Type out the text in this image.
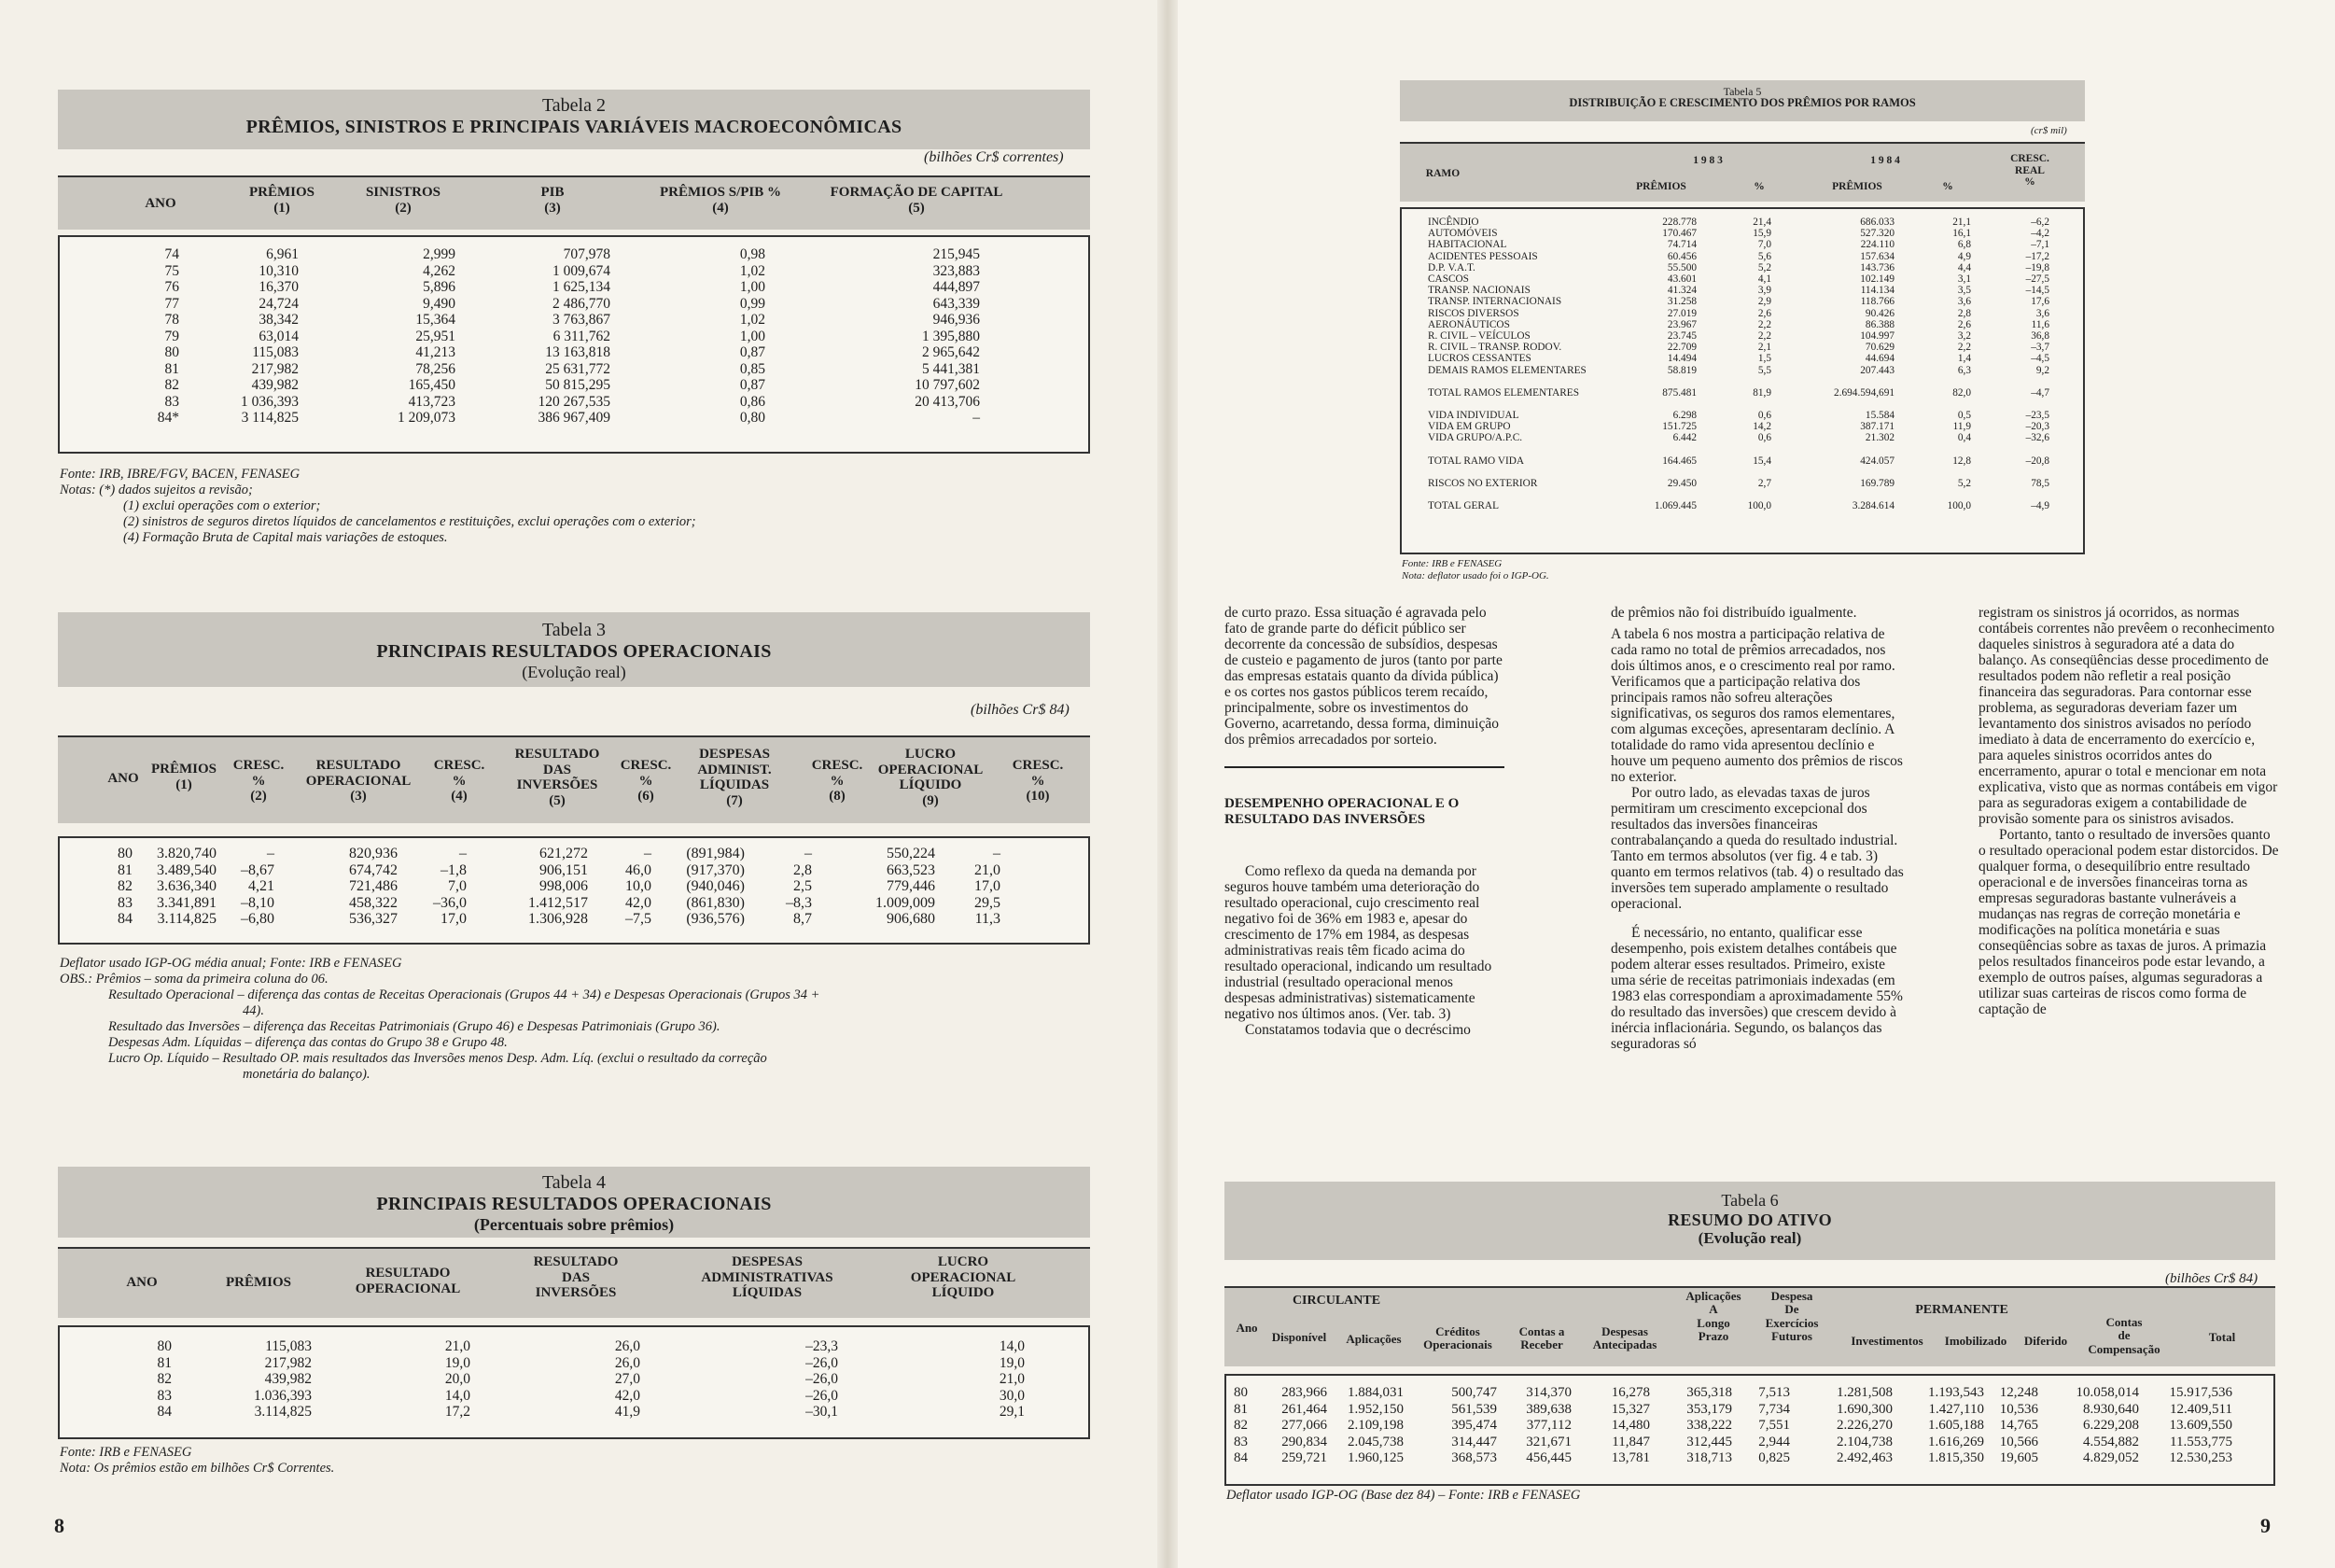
Tabela 2
PRÊMIOS, SINISTROS E PRINCIPAIS VARIÁVEIS MACROECONÔMICAS
(bilhões Cr$ correntes)
ANO
PRÊMIOS
(1)
SINISTROS
(2)
PIB
(3)
PRÊMIOS S/PIB %
(4)
FORMAÇÃO DE CAPITAL
(5)
74	6,961	2,999	707,978	0,98	215,945
75	10,310	4,262	1 009,674	1,02	323,883
76	16,370	5,896	1 625,134	1,00	444,897
77	24,724	9,490	2 486,770	0,99	643,339
78	38,342	15,364	3 763,867	1,02	946,936
79	63,014	25,951	6 311,762	1,00	1 395,880
80	115,083	41,213	13 163,818	0,87	2 965,642
81	217,982	78,256	25 631,772	0,85	5 441,381
82	439,982	165,450	50 815,295	0,87	10 797,602
83	1 036,393	413,723	120 267,535	0,86	20 413,706
84*	3 114,825	1 209,073	386 967,409	0,80	–
Fonte: IRB, IBRE/FGV, BACEN, FENASEG
Notas: (*) dados sujeitos a revisão;
(1) exclui operações com o exterior;
(2) sinistros de seguros diretos líquidos de cancelamentos e restituições, exclui operações com o exterior;
(4) Formação Bruta de Capital mais variações de estoques.
Tabela 3
PRINCIPAIS RESULTADOS OPERACIONAIS
(Evolução real)
(bilhões Cr$ 84)
ANO
PRÊMIOS
(1)
CRESC.
%
(2)
RESULTADO
OPERACIONAL
(3)
CRESC.
%
(4)
RESULTADO
DAS
INVERSÕES
(5)
CRESC.
%
(6)
DESPESAS
ADMINIST.
LÍQUIDAS
(7)
CRESC.
%
(8)
LUCRO
OPERACIONAL
LÍQUIDO
(9)
CRESC.
%
(10)
80	3.820,740	–	820,936	–	621,272	–	(891,984)	–	550,224	–
81	3.489,540	–8,67	674,742	–1,8	906,151	46,0	(917,370)	2,8	663,523	21,0
82	3.636,340	4,21	721,486	7,0	998,006	10,0	(940,046)	2,5	779,446	17,0
83	3.341,891	–8,10	458,322	–36,0	1.412,517	42,0	(861,830)	–8,3	1.009,009	29,5
84	3.114,825	–6,80	536,327	17,0	1.306,928	–7,5	(936,576)	8,7	906,680	11,3
Deflator usado IGP-OG média anual; Fonte: IRB e FENASEG
OBS.: Prêmios – soma da primeira coluna do 06.
Resultado Operacional – diferença das contas de Receitas Operacionais (Grupos 44 + 34) e Despesas Operacionais (Grupos 34 +
44).
Resultado das Inversões – diferença das Receitas Patrimoniais (Grupo 46) e Despesas Patrimoniais (Grupo 36).
Despesas Adm. Líquidas – diferença das contas do Grupo 38 e Grupo 48.
Lucro Op. Líquido – Resultado OP. mais resultados das Inversões menos Desp. Adm. Líq. (exclui o resultado da correção
monetária do balanço).
Tabela 4
PRINCIPAIS RESULTADOS OPERACIONAIS
(Percentuais sobre prêmios)
ANO	PRÊMIOS
RESULTADO
OPERACIONAL
RESULTADO
DAS
INVERSÕES
DESPESAS
ADMINISTRATIVAS
LÍQUIDAS
LUCRO
OPERACIONAL
LÍQUIDO
80	115,083	21,0	26,0	–23,3	14,0
81	217,982	19,0	26,0	–26,0	19,0
82	439,982	20,0	27,0	–26,0	21,0
83	1.036,393	14,0	42,0	–26,0	30,0
84	3.114,825	17,2	41,9	–30,1	29,1
Fonte: IRB e FENASEG
Nota: Os prêmios estão em bilhões Cr$ Correntes.
8
Tabela 5
DISTRIBUIÇÃO E CRESCIMENTO DOS PRÊMIOS POR RAMOS
(cr$ mil)
RAMO
1 9 8 3	1 9 8 4
PRÊMIOS	%	PRÊMIOS	%
CRESC.
REAL
%
INCÊNDIO	228.778	21,4	686.033	21,1	–6,2
AUTOMÓVEIS	170.467	15,9	527.320	16,1	–4,2
HABITACIONAL	74.714	7,0	224.110	6,8	–7,1
ACIDENTES PESSOAIS	60.456	5,6	157.634	4,9	–17,2
D.P. V.A.T.	55.500	5,2	143.736	4,4	–19,8
CASCOS	43.601	4,1	102.149	3,1	–27,5
TRANSP. NACIONAIS	41.324	3,9	114.134	3,5	–14,5
TRANSP. INTERNACIONAIS	31.258	2,9	118.766	3,6	17,6
RISCOS DIVERSOS	27.019	2,6	90.426	2,8	3,6
AERONÁUTICOS	23.967	2,2	86.388	2,6	11,6
R. CIVIL – VEÍCULOS	23.745	2,2	104.997	3,2	36,8
R. CIVIL – TRANSP. RODOV.	22.709	2,1	70.629	2,2	–3,7
LUCROS CESSANTES	14.494	1,5	44.694	1,4	–4,5
DEMAIS RAMOS ELEMENTARES	58.819	5,5	207.443	6,3	9,2

TOTAL RAMOS ELEMENTARES	875.481	81,9	2.694.594,691	82,0	–4,7

VIDA INDIVIDUAL	6.298	0,6	15.584	0,5	–23,5
VIDA EM GRUPO	151.725	14,2	387.171	11,9	–20,3
VIDA GRUPO/A.P.C.	6.442	0,6	21.302	0,4	–32,6

TOTAL RAMO VIDA	164.465	15,4	424.057	12,8	–20,8

RISCOS NO EXTERIOR	29.450	2,7	169.789	5,2	78,5

TOTAL GERAL	1.069.445	100,0	3.284.614	100,0	–4,9
Fonte: IRB e FENASEG
Nota: deflator usado foi o IGP-OG.

de curto prazo. Essa situação é agravada pelo fato de grande parte do déficit público ser decorrente da concessão de subsídios, despesas de custeio e pagamento de juros (tanto por parte das empresas estatais quanto da dívida pública) e os cortes nos gastos públicos terem recaído, principalmente, sobre os investimentos do Governo, acarretando, dessa forma, diminuição dos prêmios arrecadados por sorteio.

DESEMPENHO OPERACIONAL E O RESULTADO DAS INVERSÕES

Como reflexo da queda na demanda por seguros houve também uma deterioração do resultado operacional, cujo crescimento real negativo foi de 36% em 1983 e, apesar do crescimento de 17% em 1984, as despesas administrativas reais têm ficado acima do resultado operacional, indicando um resultado industrial (resultado operacional menos despesas administrativas) sistematicamente negativo nos últimos anos. (Ver. tab. 3)

Constatamos todavia que o decréscimo

de prêmios não foi distribuído igualmente.

A tabela 6 nos mostra a participação relativa de cada ramo no total de prêmios arrecadados, nos dois últimos anos, e o crescimento real por ramo. Verificamos que a participação relativa dos principais ramos não sofreu alterações significativas, os seguros dos ramos elementares, com algumas exceções, apresentaram declínio. A totalidade do ramo vida apresentou declínio e houve um pequeno aumento dos prêmios de riscos no exterior.

Por outro lado, as elevadas taxas de juros permitiram um crescimento excepcional dos resultados das inversões financeiras contrabalançando a queda do resultado industrial. Tanto em termos absolutos (ver fig. 4 e tab. 3) quanto em termos relativos (tab. 4) o resultado das inversões tem superado amplamente o resultado operacional.

É necessário, no entanto, qualificar esse desempenho, pois existem detalhes contábeis que podem alterar esses resultados. Primeiro, existe uma série de receitas patrimoniais indexadas (em 1983 elas correspondiam a aproximadamente 55% do resultado das inversões) que crescem devido à inércia inflacionária. Segundo, os balanços das seguradoras só

registram os sinistros já ocorridos, as normas contábeis correntes não prevêem o reconhecimento daqueles sinistros à seguradora até a data do balanço. As conseqüências desse procedimento de resultados podem não refletir a real posição financeira das seguradoras. Para contornar esse problema, as seguradoras deveriam fazer um levantamento dos sinistros avisados no período imediato à data de encerramento do exercício e, para aqueles sinistros ocorridos antes do encerramento, apurar o total e mencionar em nota explicativa, visto que as normas contábeis em vigor para as seguradoras exigem a contabilidade de provisão somente para os sinistros avisados.

Portanto, tanto o resultado de inversões quanto o resultado operacional podem estar distorcidos. De qualquer forma, o desequilíbrio entre resultado operacional e de inversões financeiras torna as empresas seguradoras bastante vulneráveis a mudanças nas regras de correção monetária e modificações na política monetária e suas conseqüências sobre as taxas de juros. A primazia pelos resultados financeiros pode estar levando, a exemplo de outros países, algumas seguradoras a utilizar suas carteiras de riscos como forma de captação de

Tabela 6
RESUMO DO ATIVO
(Evolução real)
(bilhões Cr$ 84)
CIRCULANTE
PERMANENTE
Ano
Disponível	Aplicações
Créditos
Operacionais
Contas a
Receber
Despesas
Antecipadas
Aplicações
A
Longo
Prazo
Despesa
De
Exercícios
Futuros	Investimentos	Imobilizado	Diferido
Contas
de
Compensação
Total
80	283,966	1.884,031	500,747	314,370	16,278	365,318	7,513	1.281,508	1.193,543	12,248	10.058,014	15.917,536
81	261,464	1.952,150	561,539	389,638	15,327	353,179	7,734	1.690,300	1.427,110	10,536	8.930,640	12.409,511
82	277,066	2.109,198	395,474	377,112	14,480	338,222	7,551	2.226,270	1.605,188	14,765	6.229,208	13.609,550
83	290,834	2.045,738	314,447	321,671	11,847	312,445	2,944	2.104,738	1.616,269	10,566	4.554,882	11.553,775
84	259,721	1.960,125	368,573	456,445	13,781	318,713	0,825	2.492,463	1.815,350	19,605	4.829,052	12.530,253
Deflator usado IGP-OG (Base dez 84) – Fonte: IRB e FENASEG
9
